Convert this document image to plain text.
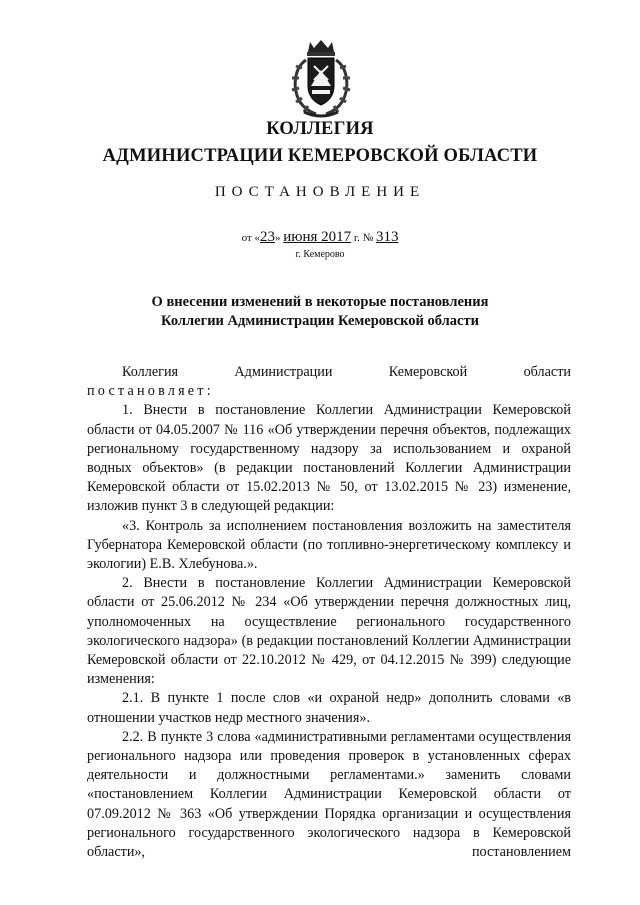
КОЛЛЕГИЯ
АДМИНИСТРАЦИИ КЕМЕРОВСКОЙ ОБЛАСТИ
ПОСТАНОВЛЕНИЕ
от «23» июня 2017 г. № 313
г. Кемерово
О внесении изменений в некоторые постановления
Коллегии Администрации Кемеровской области

Коллегия Администрации Кемеровской области

постановляет:

1. Внести в постановление Коллегии Администрации Кемеровской области от 04.05.2007 № 116 «Об утверждении перечня объектов, подлежащих региональному государственному надзору за использованием и охраной водных объектов» (в редакции постановлений Коллегии Администрации Кемеровской области от 15.02.2013 № 50, от 13.02.2015 № 23) изменение, изложив пункт 3 в следующей редакции:

«3. Контроль за исполнением постановления возложить на заместителя Губернатора Кемеровской области (по топливно-энергетическому комплексу и экологии) Е.В. Хлебунова.».

2. Внести в постановление Коллегии Администрации Кемеровской области от 25.06.2012 № 234 «Об утверждении перечня должностных лиц, уполномоченных на осуществление регионального государственного экологического надзора» (в редакции постановлений Коллегии Администрации Кемеровской области от 22.10.2012 № 429, от 04.12.2015 № 399) следующие изменения:

2.1. В пункте 1 после слов «и охраной недр» дополнить словами «в отношении участков недр местного значения».

2.2. В пункте 3 слова «административными регламентами осуществления регионального надзора или проведения проверок в установленных сферах деятельности и должностными регламентами.» заменить словами «постановлением Коллегии Администрации Кемеровской области от 07.09.2012 № 363 «Об утверждении Порядка организации и осуществления регионального государственного экологического надзора в Кемеровской области», постановлением
